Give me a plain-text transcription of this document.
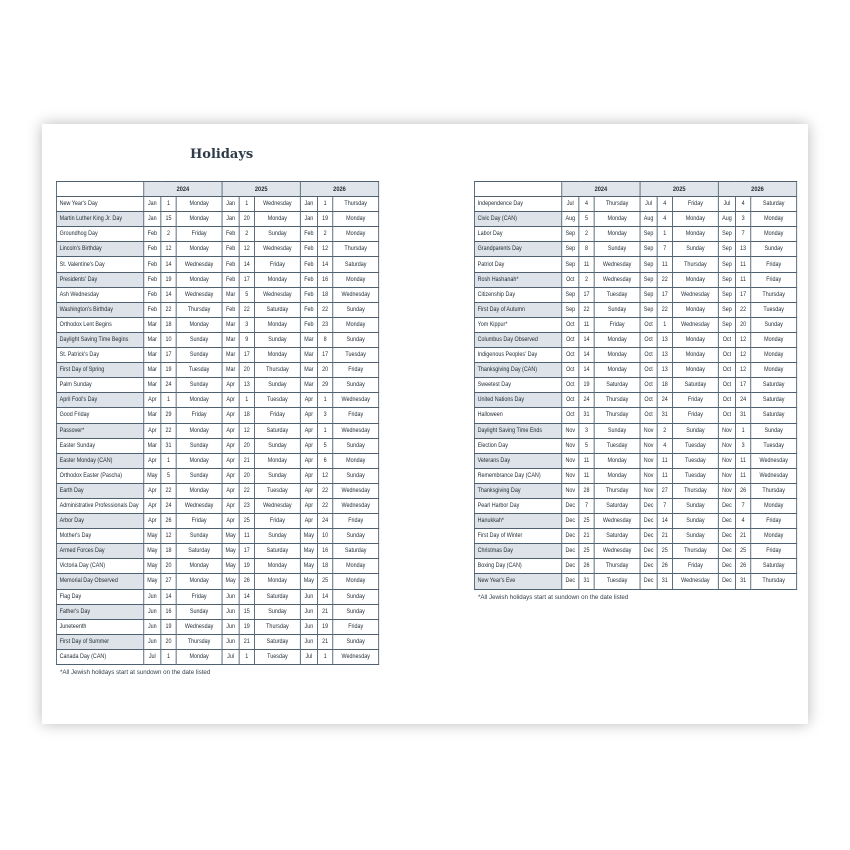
Holidays
	2024			2025			2026		
New Year's Day	Jan	1	Monday	Jan	1	Wednesday	Jan	1	Thursday
Martin Luther King Jr. Day	Jan	15	Monday	Jan	20	Monday	Jan	19	Monday
Groundhog Day	Feb	2	Friday	Feb	2	Sunday	Feb	2	Monday
Lincoln's Birthday	Feb	12	Monday	Feb	12	Wednesday	Feb	12	Thursday
St. Valentine's Day	Feb	14	Wednesday	Feb	14	Friday	Feb	14	Saturday
Presidents' Day	Feb	19	Monday	Feb	17	Monday	Feb	16	Monday
Ash Wednesday	Feb	14	Wednesday	Mar	5	Wednesday	Feb	18	Wednesday
Washington's Birthday	Feb	22	Thursday	Feb	22	Saturday	Feb	22	Sunday
Orthodox Lent Begins	Mar	18	Monday	Mar	3	Monday	Feb	23	Monday
Daylight Saving Time Begins	Mar	10	Sunday	Mar	9	Sunday	Mar	8	Sunday
St. Patrick's Day	Mar	17	Sunday	Mar	17	Monday	Mar	17	Tuesday
First Day of Spring	Mar	19	Tuesday	Mar	20	Thursday	Mar	20	Friday
Palm Sunday	Mar	24	Sunday	Apr	13	Sunday	Mar	29	Sunday
April Fool's Day	Apr	1	Monday	Apr	1	Tuesday	Apr	1	Wednesday
Good Friday	Mar	29	Friday	Apr	18	Friday	Apr	3	Friday
Passover*	Apr	22	Monday	Apr	12	Saturday	Apr	1	Wednesday
Easter Sunday	Mar	31	Sunday	Apr	20	Sunday	Apr	5	Sunday
Easter Monday (CAN)	Apr	1	Monday	Apr	21	Monday	Apr	6	Monday
Orthodox Easter (Pascha)	May	5	Sunday	Apr	20	Sunday	Apr	12	Sunday
Earth Day	Apr	22	Monday	Apr	22	Tuesday	Apr	22	Wednesday
Administrative Professionals Day	Apr	24	Wednesday	Apr	23	Wednesday	Apr	22	Wednesday
Arbor Day	Apr	26	Friday	Apr	25	Friday	Apr	24	Friday
Mother's Day	May	12	Sunday	May	11	Sunday	May	10	Sunday
Armed Forces Day	May	18	Saturday	May	17	Saturday	May	16	Saturday
Victoria Day (CAN)	May	20	Monday	May	19	Monday	May	18	Monday
Memorial Day Observed	May	27	Monday	May	26	Monday	May	25	Monday
Flag Day	Jun	14	Friday	Jun	14	Saturday	Jun	14	Sunday
Father's Day	Jun	16	Sunday	Jun	15	Sunday	Jun	21	Sunday
Juneteenth	Jun	19	Wednesday	Jun	19	Thursday	Jun	19	Friday
First Day of Summer	Jun	20	Thursday	Jun	21	Saturday	Jun	21	Sunday
Canada Day (CAN)	Jul	1	Monday	Jul	1	Tuesday	Jul	1	Wednesday
	2024			2025			2026		
Independence Day	Jul	4	Thursday	Jul	4	Friday	Jul	4	Saturday
Civic Day (CAN)	Aug	5	Monday	Aug	4	Monday	Aug	3	Monday
Labor Day	Sep	2	Monday	Sep	1	Monday	Sep	7	Monday
Grandparents Day	Sep	8	Sunday	Sep	7	Sunday	Sep	13	Sunday
Patriot Day	Sep	11	Wednesday	Sep	11	Thursday	Sep	11	Friday
Rosh Hashanah*	Oct	2	Wednesday	Sep	22	Monday	Sep	11	Friday
Citizenship Day	Sep	17	Tuesday	Sep	17	Wednesday	Sep	17	Thursday
First Day of Autumn	Sep	22	Sunday	Sep	22	Monday	Sep	22	Tuesday
Yom Kippur*	Oct	11	Friday	Oct	1	Wednesday	Sep	20	Sunday
Columbus Day Observed	Oct	14	Monday	Oct	13	Monday	Oct	12	Monday
Indigenous Peoples' Day	Oct	14	Monday	Oct	13	Monday	Oct	12	Monday
Thanksgiving Day (CAN)	Oct	14	Monday	Oct	13	Monday	Oct	12	Monday
Sweetest Day	Oct	19	Saturday	Oct	18	Saturday	Oct	17	Saturday
United Nations Day	Oct	24	Thursday	Oct	24	Friday	Oct	24	Saturday
Halloween	Oct	31	Thursday	Oct	31	Friday	Oct	31	Saturday
Daylight Saving Time Ends	Nov	3	Sunday	Nov	2	Sunday	Nov	1	Sunday
Election Day	Nov	5	Tuesday	Nov	4	Tuesday	Nov	3	Tuesday
Veterans Day	Nov	11	Monday	Nov	11	Tuesday	Nov	11	Wednesday
Remembrance Day (CAN)	Nov	11	Monday	Nov	11	Tuesday	Nov	11	Wednesday
Thanksgiving Day	Nov	28	Thursday	Nov	27	Thursday	Nov	26	Thursday
Pearl Harbor Day	Dec	7	Saturday	Dec	7	Sunday	Dec	7	Monday
Hanukkah*	Dec	25	Wednesday	Dec	14	Sunday	Dec	4	Friday
First Day of Winter	Dec	21	Saturday	Dec	21	Sunday	Dec	21	Monday
Christmas Day	Dec	25	Wednesday	Dec	25	Thursday	Dec	25	Friday
Boxing Day (CAN)	Dec	26	Thursday	Dec	26	Friday	Dec	26	Saturday
New Year's Eve	Dec	31	Tuesday	Dec	31	Wednesday	Dec	31	Thursday
*All Jewish holidays start at sundown on the date listed
*All Jewish holidays start at sundown on the date listed
